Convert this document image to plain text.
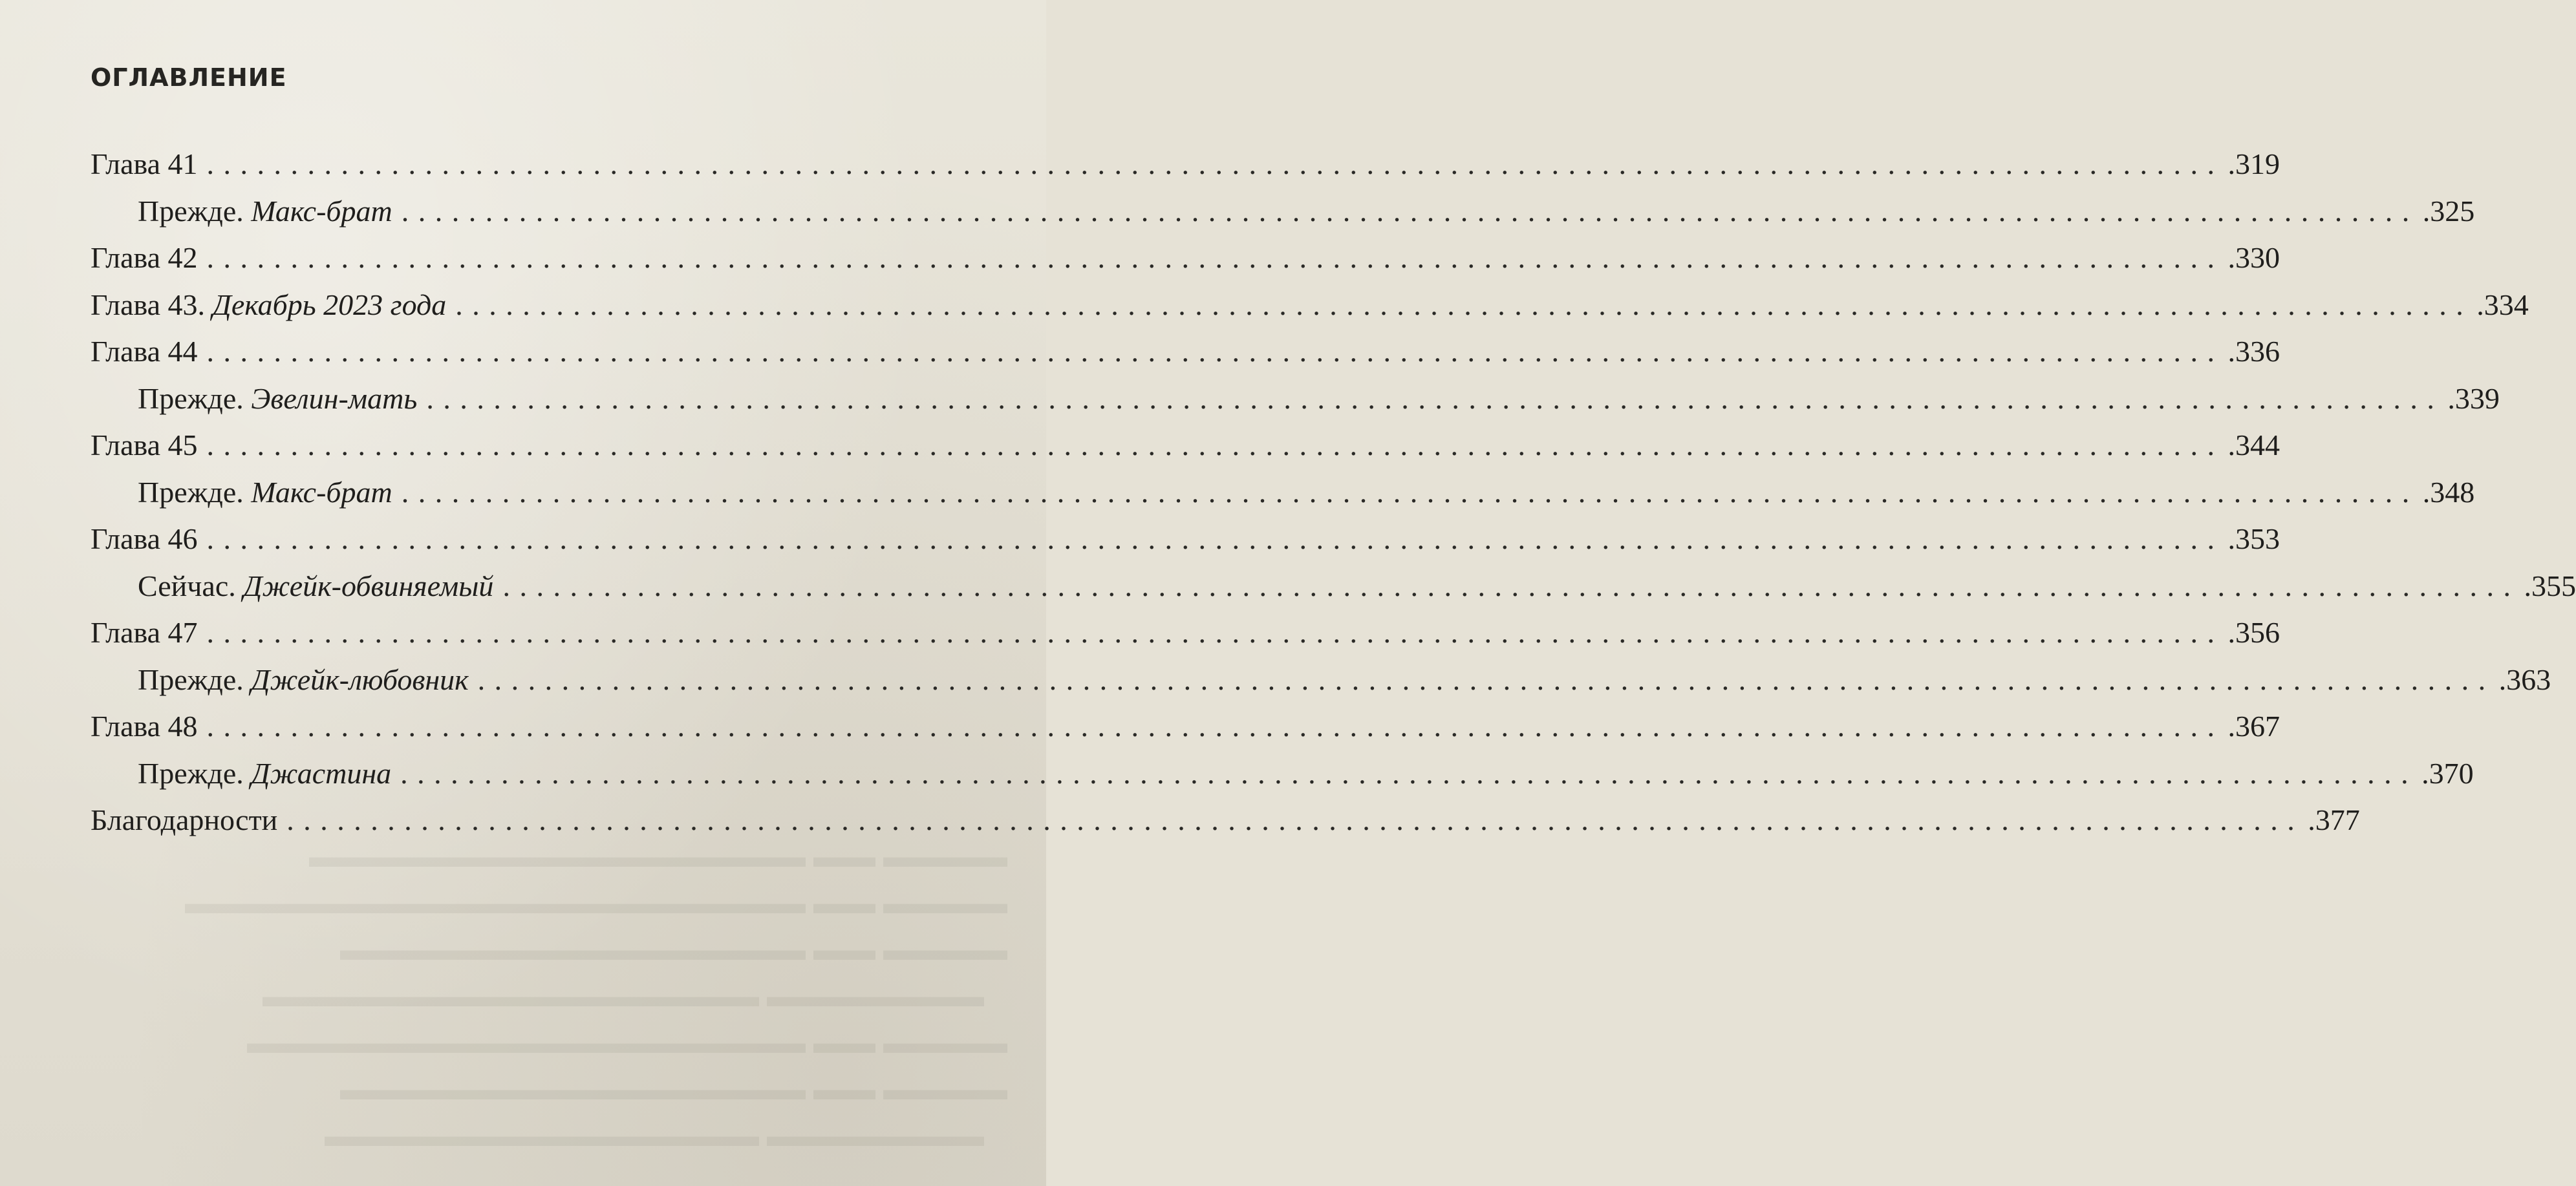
▬▬▬▬ ▬▬ ▬▬▬▬▬▬▬▬▬▬▬▬▬▬▬▬
▬▬▬▬ ▬▬ ▬▬▬▬▬▬▬▬▬▬▬▬▬▬▬▬▬▬▬▬
▬▬▬▬ ▬▬ ▬▬▬▬▬▬▬▬▬▬▬▬▬▬▬
▬▬▬▬▬▬▬ ▬▬▬▬▬▬▬▬▬▬▬▬▬▬▬▬
▬▬▬▬ ▬▬ ▬▬▬▬▬▬▬▬▬▬▬▬▬▬▬▬▬▬
▬▬▬▬ ▬▬ ▬▬▬▬▬▬▬▬▬▬▬▬▬▬▬
▬▬▬▬▬▬▬ ▬▬▬▬▬▬▬▬▬▬▬▬▬▬
ОГЛАВЛЕНИЕ
Глава 41 ........................................................................................................................ .319
Прежде. Макс-брат ........................................................................................................................ .325
Глава 42 ........................................................................................................................ .330
Глава 43. Декабрь 2023 года ........................................................................................................................ .334
Глава 44 ........................................................................................................................ .336
Прежде. Эвелин-мать ........................................................................................................................ .339
Глава 45 ........................................................................................................................ .344
Прежде. Макс-брат ........................................................................................................................ .348
Глава 46 ........................................................................................................................ .353
Сейчас. Джейк-обвиняемый ........................................................................................................................ .355
Глава 47 ........................................................................................................................ .356
Прежде. Джейк-любовник ........................................................................................................................ .363
Глава 48 ........................................................................................................................ .367
Прежде. Джастина ........................................................................................................................ .370
Благодарности ........................................................................................................................ .377
